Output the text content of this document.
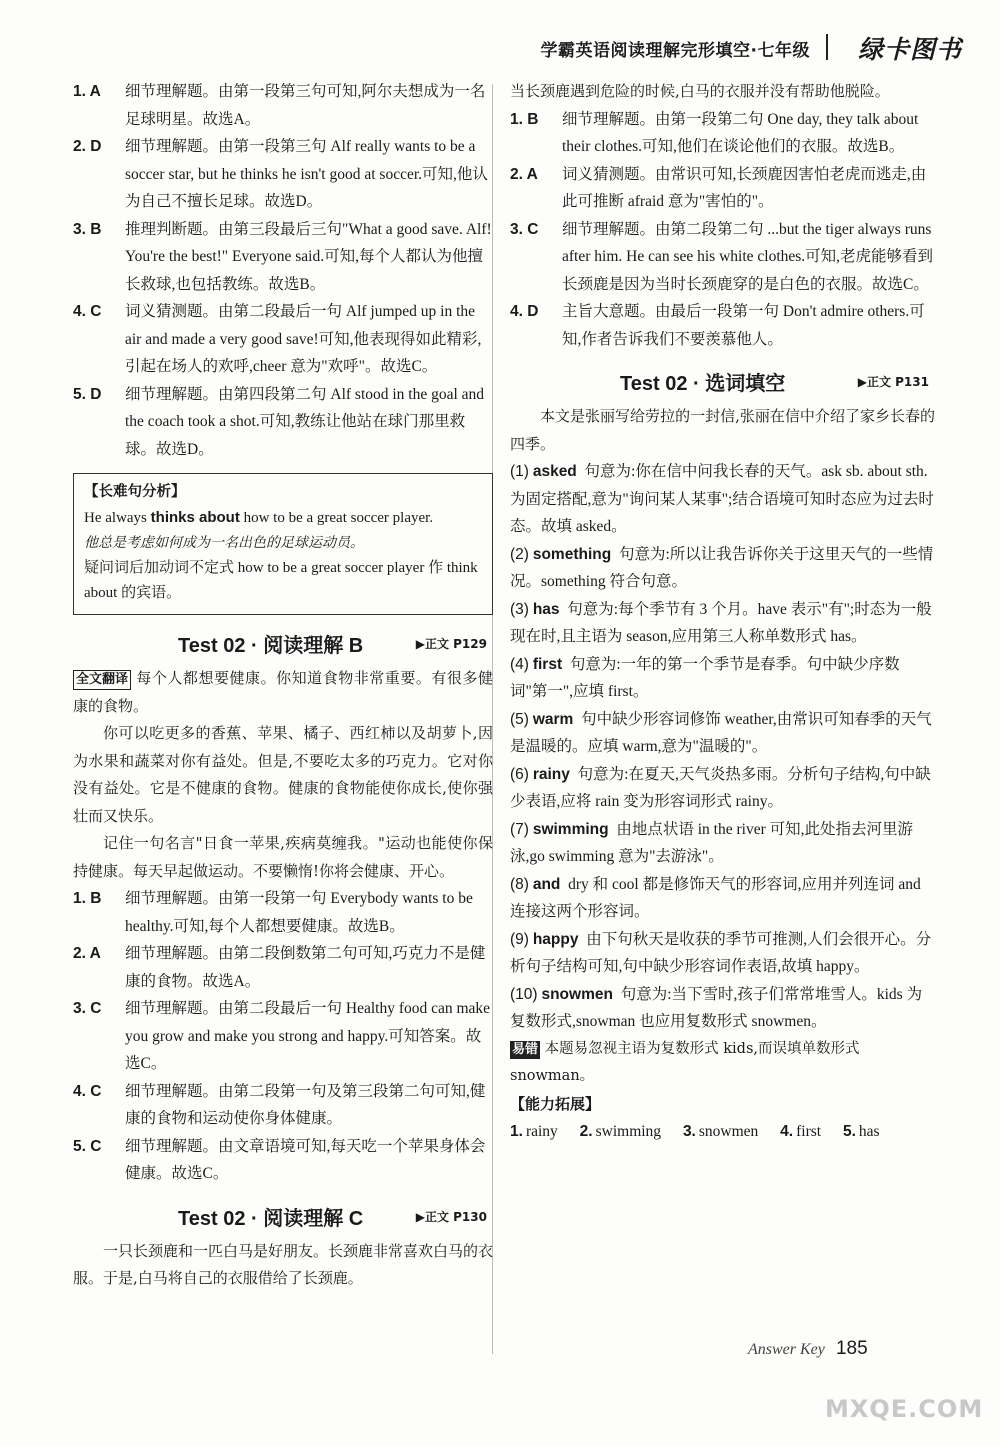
学霸英语阅读理解完形填空·七年级 绿卡图书
1. A 细节理解题。由第一段第三句可知,阿尔夫想成为一名足球明星。故选A。
2. D 细节理解题。由第一段第三句 Alf really wants to be a soccer star, but he thinks he isn't good at soccer.可知,他认为自己不擅长足球。故选D。
3. B 推理判断题。由第三段最后三句"What a good save. Alf! You're the best!" Everyone said.可知,每个人都认为他擅长救球,也包括教练。故选B。
4. C 词义猜测题。由第二段最后一句 Alf jumped up in the air and made a very good save!可知,他表现得如此精彩,引起在场人的欢呼,cheer 意为"欢呼"。故选C。
5. D 细节理解题。由第四段第二句 Alf stood in the goal and the coach took a shot.可知,教练让他站在球门那里救球。故选D。
【长难句分析】
He always thinks about how to be a great soccer player.
他总是考虑如何成为一名出色的足球运动员。
疑问词后加动词不定式 how to be a great soccer player 作 think about 的宾语。
Test 02 · 阅读理解 B	▶正文 P129
全文翻译 每个人都想要健康。你知道食物非常重要。有很多健康的食物。
你可以吃更多的香蕉、苹果、橘子、西红柿以及胡萝卜,因为水果和蔬菜对你有益处。但是,不要吃太多的巧克力。它对你没有益处。它是不健康的食物。健康的食物能使你成长,使你强壮而又快乐。
记住一句名言"日食一苹果,疾病莫缠我。"运动也能使你保持健康。每天早起做运动。不要懒惰!你将会健康、开心。
1. B 细节理解题。由第一段第一句 Everybody wants to be healthy.可知,每个人都想要健康。故选B。
2. A 细节理解题。由第二段倒数第二句可知,巧克力不是健康的食物。故选A。
3. C 细节理解题。由第二段最后一句 Healthy food can make you grow and make you strong and happy.可知答案。故选C。
4. C 细节理解题。由第二段第一句及第三段第二句可知,健康的食物和运动使你身体健康。
5. C 细节理解题。由文章语境可知,每天吃一个苹果身体会健康。故选C。
Test 02 · 阅读理解 C	▶正文 P130
一只长颈鹿和一匹白马是好朋友。长颈鹿非常喜欢白马的衣服。于是,白马将自己的衣服借给了长颈鹿。
当长颈鹿遇到危险的时候,白马的衣服并没有帮助他脱险。
1. B 细节理解题。由第一段第二句 One day, they talk about their clothes.可知,他们在谈论他们的衣服。故选B。
2. A 词义猜测题。由常识可知,长颈鹿因害怕老虎而逃走,由此可推断 afraid 意为"害怕的"。
3. C 细节理解题。由第二段第二句 ...but the tiger always runs after him. He can see his white clothes.可知,老虎能够看到长颈鹿是因为当时长颈鹿穿的是白色的衣服。故选C。
4. D 主旨大意题。由最后一段第一句 Don't admire others.可知,作者告诉我们不要羡慕他人。
Test 02 · 选词填空	▶正文 P131
本文是张丽写给劳拉的一封信,张丽在信中介绍了家乡长春的四季。
(1) asked 句意为:你在信中问我长春的天气。ask sb. about sth.为固定搭配,意为"询问某人某事";结合语境可知时态应为过去时态。故填 asked。
(2) something 句意为:所以让我告诉你关于这里天气的一些情况。something 符合句意。
(3) has 句意为:每个季节有 3 个月。have 表示"有";时态为一般现在时,且主语为 season,应用第三人称单数形式 has。
(4) first 句意为:一年的第一个季节是春季。句中缺少序数词"第一",应填 first。
(5) warm 句中缺少形容词修饰 weather,由常识可知春季的天气是温暖的。应填 warm,意为"温暖的"。
(6) rainy 句意为:在夏天,天气炎热多雨。分析句子结构,句中缺少表语,应将 rain 变为形容词形式 rainy。
(7) swimming 由地点状语 in the river 可知,此处指去河里游泳,go swimming 意为"去游泳"。
(8) and dry 和 cool 都是修饰天气的形容词,应用并列连词 and 连接这两个形容词。
(9) happy 由下句秋天是收获的季节可推测,人们会很开心。分析句子结构可知,句中缺少形容词作表语,故填 happy。
(10) snowmen 句意为:当下雪时,孩子们常常堆雪人。kids 为复数形式,snowman 也应用复数形式 snowmen。
易错 本题易忽视主语为复数形式 kids,而误填单数形式 snowman。
【能力拓展】
1. rainy 2. swimming 3. snowmen 4. first 5. has
Answer Key 185
MXQE.COM
